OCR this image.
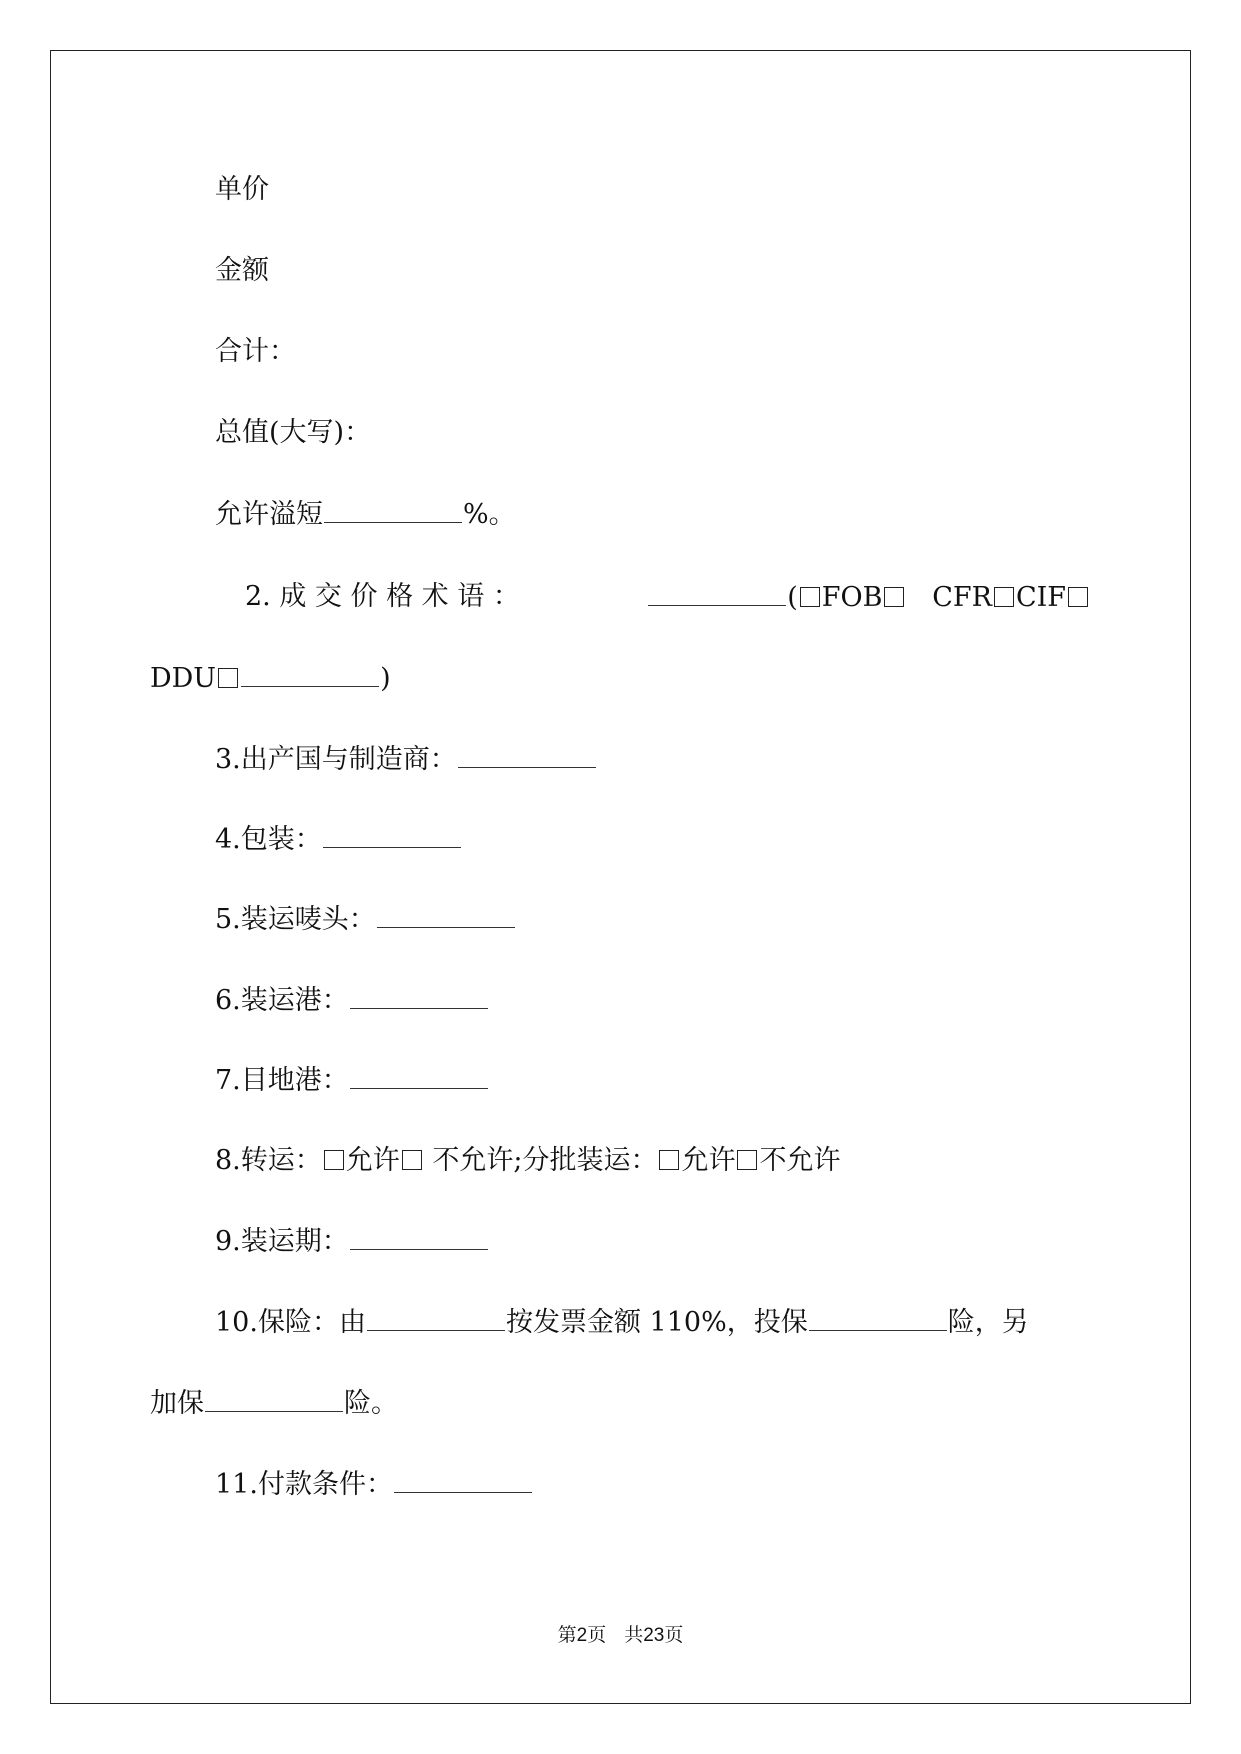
单价
金额
合计：
总值(大写)：
允许溢短	%。
2. 成 交 价 格 术 语 ：	( FOB CFR CIF
DDU	)
3.出产国与制造商：
4.包装：
5.装运唛头：
6.装运港：
7.目地港：
8.转运： 允许 不允许;分批装运： 允许 不允许
9.装运期：
10.保险：由	按发票金额 110%，投保	险，另
加保	险。
11.付款条件：
第2页 共23页
